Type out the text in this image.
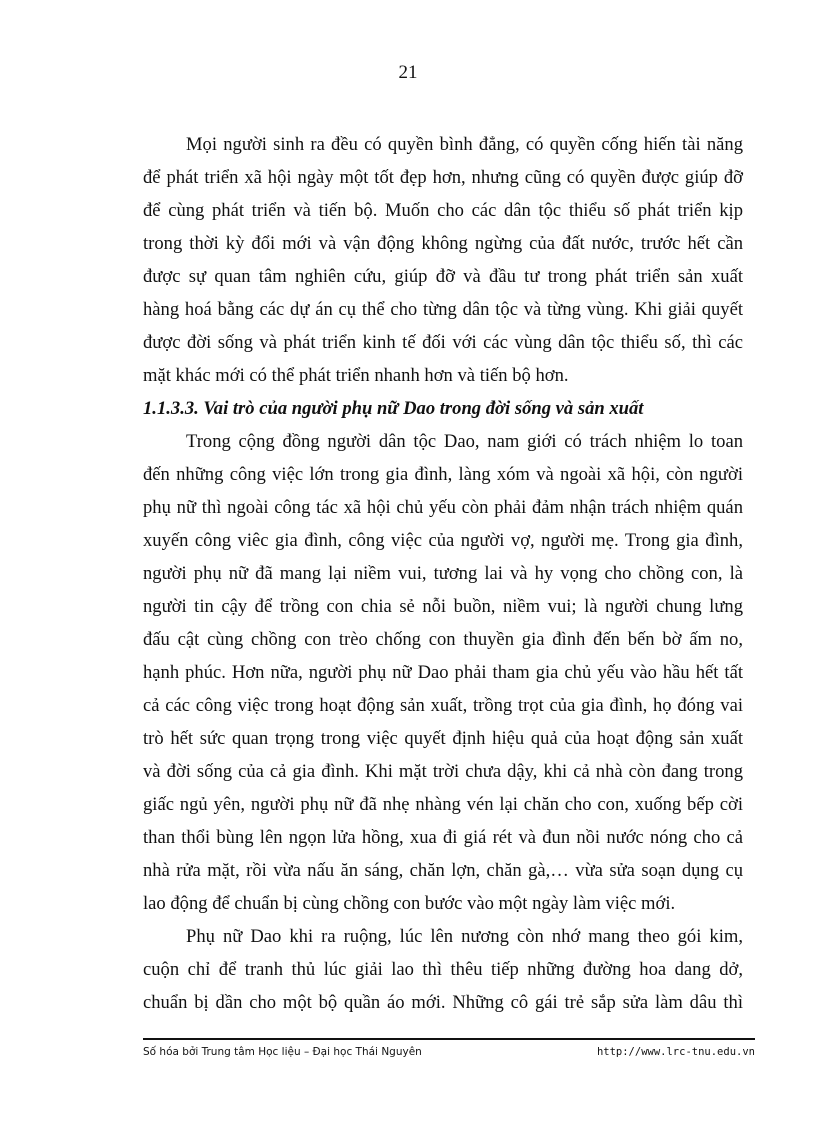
21
Mọi người sinh ra đều có quyền bình đẳng, có quyền cống hiến tài năng
để phát triển xã hội ngày một tốt đẹp hơn, nhưng cũng có quyền được giúp đỡ
để cùng phát triển và tiến bộ. Muốn cho các dân tộc thiểu số phát triển kịp
trong thời kỳ đổi mới và vận động không ngừng của đất nước, trước hết cần
được sự quan tâm nghiên cứu, giúp đỡ và đầu tư trong phát triển sản xuất
hàng hoá bằng các dự án cụ thể cho từng dân tộc và từng vùng. Khi giải quyết
được đời sống và phát triển kinh tế đối với các vùng dân tộc thiểu số, thì các
mặt khác mới có thể phát triển nhanh hơn và tiến bộ hơn.
1.1.3.3. Vai trò của người phụ nữ Dao trong đời sống và sản xuất
Trong cộng đồng người dân tộc Dao, nam giới có trách nhiệm lo toan
đến những công việc lớn trong gia đình, làng xóm và ngoài xã hội, còn người
phụ nữ thì ngoài công tác xã hội chủ yếu còn phải đảm nhận trách nhiệm quán
xuyến công viêc gia đình, công việc của người vợ, người mẹ. Trong gia đình,
người phụ nữ đã mang lại niềm vui, tương lai và hy vọng cho chồng con, là
người tin cậy để trồng con chia sẻ nỗi buồn, niềm vui; là người chung lưng
đấu cật cùng chồng con trèo chống con thuyền gia đình đến bến bờ ấm no,
hạnh phúc. Hơn nữa, người phụ nữ Dao phải tham gia chủ yếu vào hầu hết tất
cả các công việc trong hoạt động sản xuất, trồng trọt của gia đình, họ đóng vai
trò hết sức quan trọng trong việc quyết định hiệu quả của hoạt động sản xuất
và đời sống của cả gia đình. Khi mặt trời chưa dậy, khi cả nhà còn đang trong
giấc ngủ yên, người phụ nữ đã nhẹ nhàng vén lại chăn cho con, xuống bếp cời
than thổi bùng lên ngọn lửa hồng, xua đi giá rét và đun nồi nước nóng cho cả
nhà rửa mặt, rồi vừa nấu ăn sáng, chăn lợn, chăn gà,… vừa sửa soạn dụng cụ
lao động để chuẩn bị cùng chồng con bước vào một ngày làm việc mới.
Phụ nữ Dao khi ra ruộng, lúc lên nương còn nhớ mang theo gói kim,
cuộn chỉ để tranh thủ lúc giải lao thì thêu tiếp những đường hoa dang dở,
chuẩn bị dần cho một bộ quần áo mới. Những cô gái trẻ sắp sửa làm dâu thì
Số hóa bởi Trung tâm Học liệu – Đại học Thái Nguyên	http://www.lrc-tnu.edu.vn
